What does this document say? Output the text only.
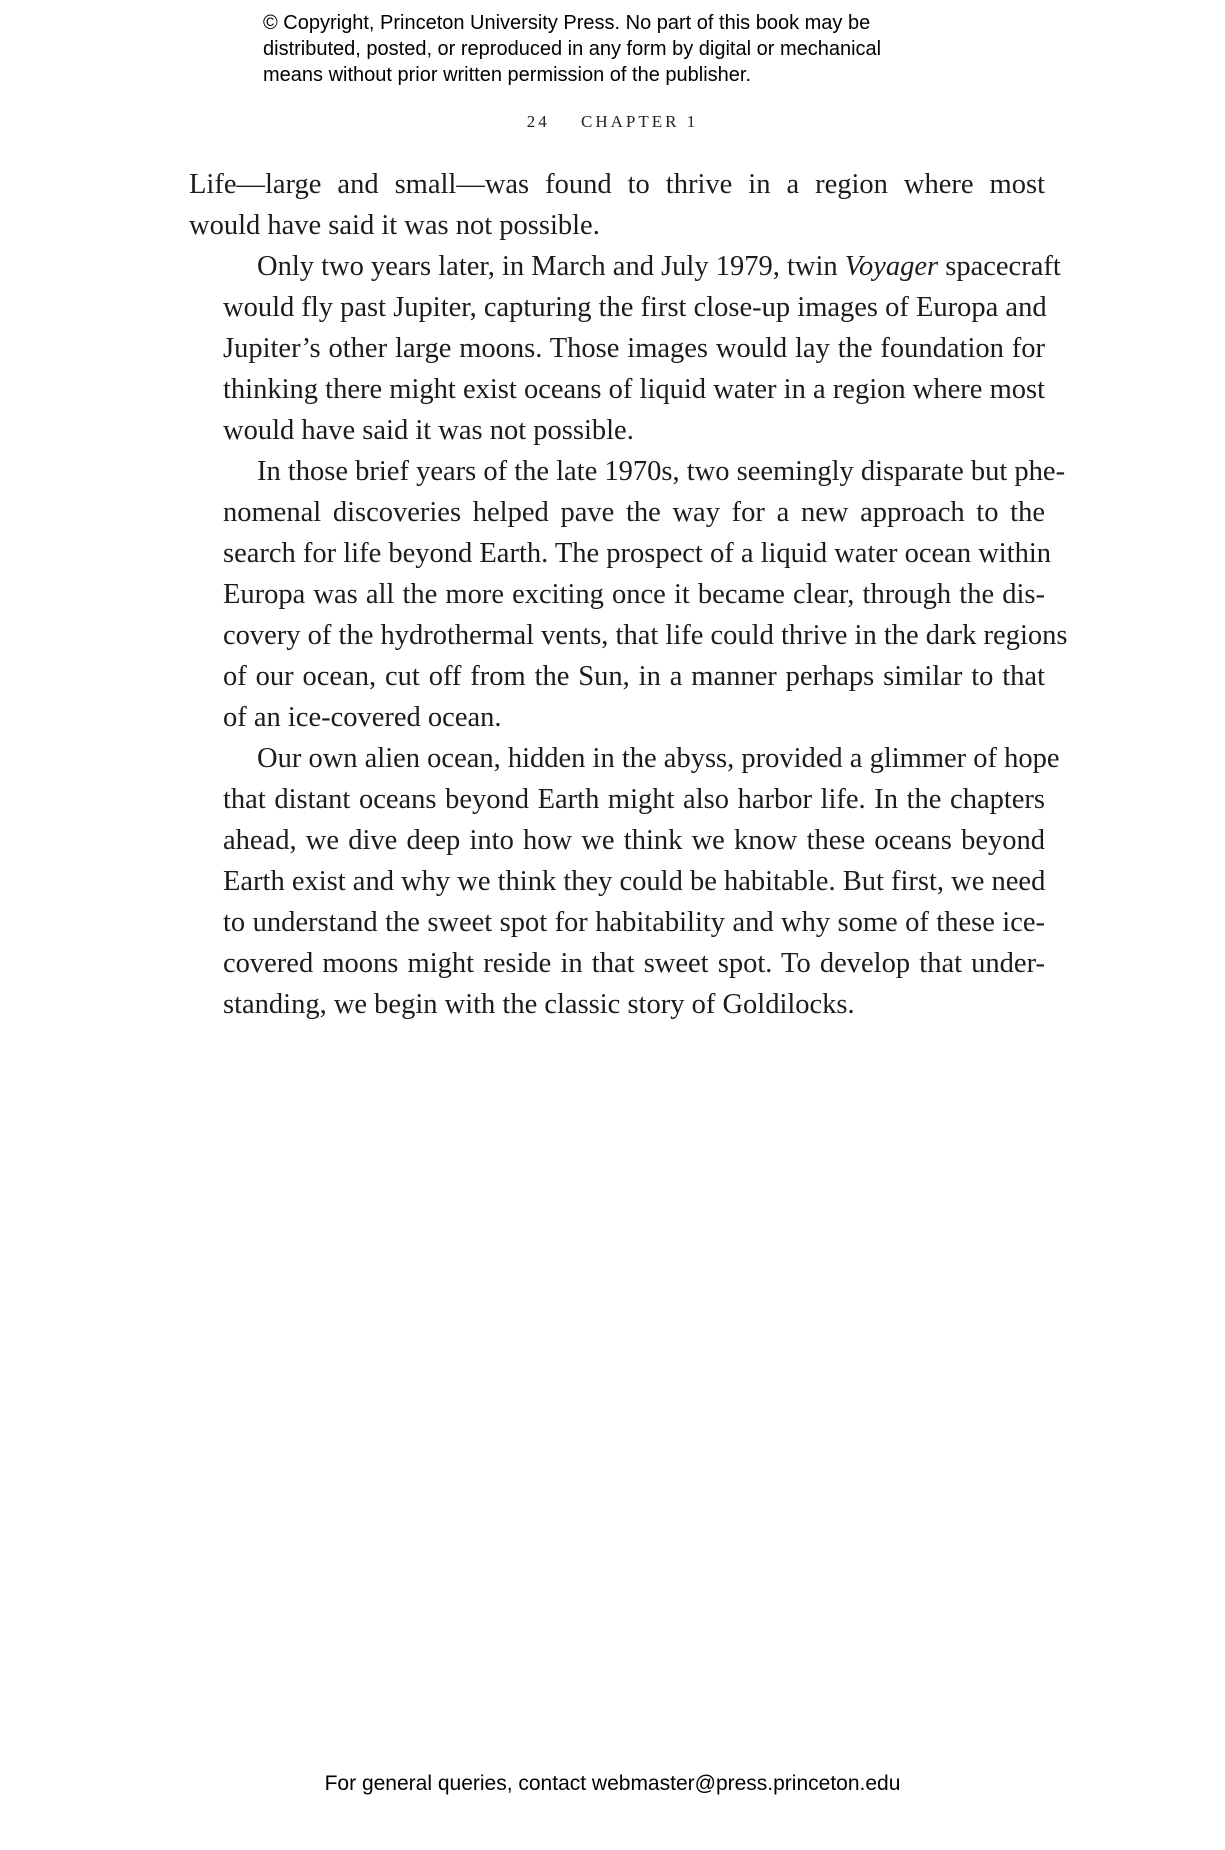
© Copyright, Princeton University Press. No part of this book may be
distributed, posted, or reproduced in any form by digital or mechanical
means without prior written permission of the publisher.
24 CHAPTER 1

Life—large and small—was found to thrive in a region where most
would have said it was not possible.

Only two years later, in March and July 1979, twin Voyager spacecraft
would fly past Jupiter, capturing the first close-up images of Europa and
Jupiter’s other large moons. Those images would lay the foundation for
thinking there might exist oceans of liquid water in a region where most
would have said it was not possible.

In those brief years of the late 1970s, two seemingly disparate but phe-
nomenal discoveries helped pave the way for a new approach to the
search for life beyond Earth. The prospect of a liquid water ocean within
Europa was all the more exciting once it became clear, through the dis-
covery of the hydrothermal vents, that life could thrive in the dark regions
of our ocean, cut off from the Sun, in a manner perhaps similar to that
of an ice-covered ocean.

Our own alien ocean, hidden in the abyss, provided a glimmer of hope
that distant oceans beyond Earth might also harbor life. In the chapters
ahead, we dive deep into how we think we know these oceans beyond
Earth exist and why we think they could be habitable. But first, we need
to understand the sweet spot for habitability and why some of these ice-
covered moons might reside in that sweet spot. To develop that under-
standing, we begin with the classic story of Goldilocks.

For general queries, contact webmaster@press.princeton.edu
